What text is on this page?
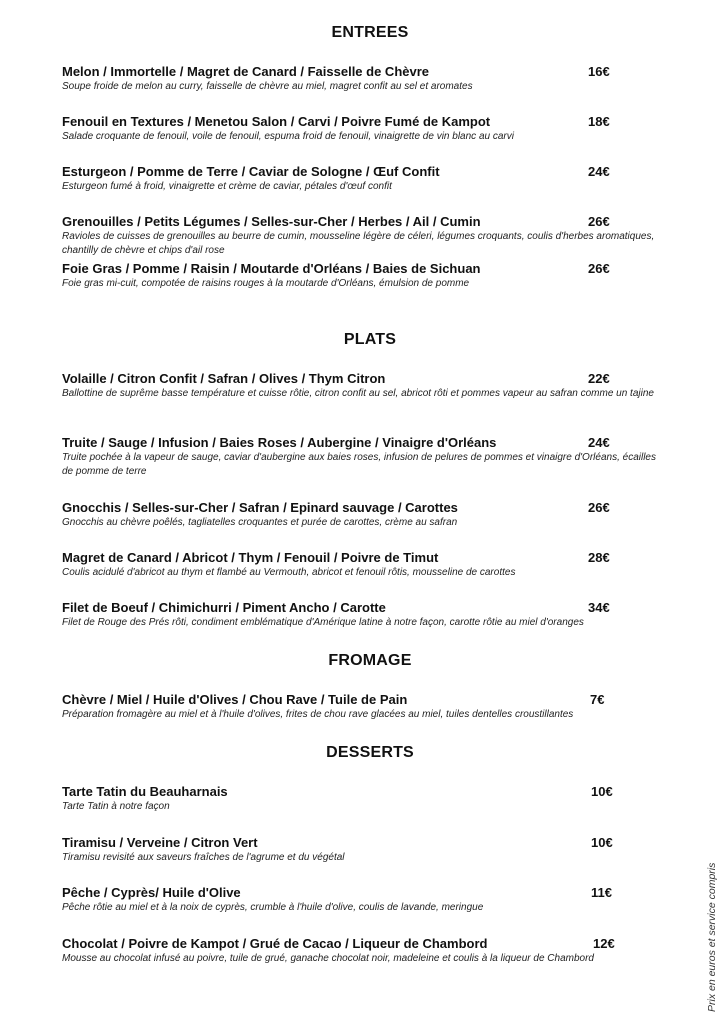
ENTREES
Melon / Immortelle / Magret de Canard / Faisselle de Chèvre	16€
Soupe froide de melon au curry, faisselle de chèvre au miel, magret confit au sel et aromates
Fenouil en Textures / Menetou Salon / Carvi / Poivre Fumé de Kampot	18€
Salade croquante de fenouil, voile de fenouil, espuma froid de fenouil, vinaigrette de vin blanc au carvi
Esturgeon / Pomme de Terre / Caviar de Sologne / Œuf Confit	24€
Esturgeon fumé à froid, vinaigrette et crème de caviar, pétales d'œuf confit
Grenouilles / Petits Légumes / Selles-sur-Cher / Herbes / Ail / Cumin	26€
Ravioles de cuisses de grenouilles au beurre de cumin, mousseline légère de céleri, légumes croquants, coulis d'herbes aromatiques, chantilly de chèvre et chips d'ail rose
Foie Gras / Pomme / Raisin / Moutarde d'Orléans / Baies de Sichuan	26€
Foie gras mi-cuit, compotée de raisins rouges à la moutarde d'Orléans, émulsion de pomme
PLATS
Volaille / Citron Confit / Safran / Olives / Thym Citron	22€
Ballottine de suprême basse température et cuisse rôtie, citron confit au sel, abricot rôti et pommes vapeur au safran comme un tajine
Truite / Sauge / Infusion / Baies Roses / Aubergine / Vinaigre d'Orléans	24€
Truite pochée à la vapeur de sauge, caviar d'aubergine aux baies roses, infusion de pelures de pommes et vinaigre d'Orléans, écailles de pomme de terre
Gnocchis / Selles-sur-Cher / Safran / Epinard sauvage / Carottes	26€
Gnocchis au chèvre poêlés, tagliatelles croquantes et purée de carottes, crème au safran
Magret de Canard / Abricot / Thym / Fenouil / Poivre de Timut	28€
Coulis acidulé d'abricot au thym et flambé au Vermouth, abricot et fenouil rôtis, mousseline de carottes
Filet de Boeuf / Chimichurri / Piment Ancho / Carotte	34€
Filet de Rouge des Prés rôti, condiment emblématique d'Amérique latine à notre façon, carotte rôtie au miel d'oranges
FROMAGE
Chèvre / Miel / Huile d'Olives / Chou Rave / Tuile de Pain	7€
Préparation fromagère au miel et à l'huile d'olives, frites de chou rave glacées au miel, tuiles dentelles croustillantes
DESSERTS
Tarte Tatin du Beauharnais	10€
Tarte Tatin à notre façon
Tiramisu / Verveine / Citron Vert	10€
Tiramisu revisité aux saveurs fraîches de l'agrume et du végétal
Pêche / Cyprès/ Huile d'Olive	11€
Pêche rôtie au miel et à la noix de cyprès, crumble à l'huile d'olive, coulis de lavande, meringue
Chocolat / Poivre de Kampot / Grué de Cacao / Liqueur de Chambord	12€
Mousse au chocolat infusé au poivre, tuile de grué, ganache chocolat noir, madeleine et coulis à la liqueur de Chambord	Prix en euros et service compris
